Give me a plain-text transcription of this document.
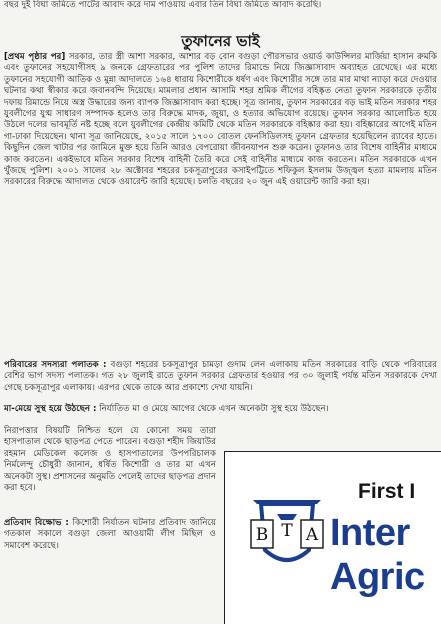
বছর দুই বিঘা জমিতে পাটের আবাদ করে দাম পাওয়ায় এবার তিন বিঘা জমিতে আবাদ করেছি।

তুফানের ভাই

[প্রথম পৃষ্ঠার পর] সরকার, তার স্ত্রী আশা সরকার, আশার বড় বোন বগুড়া পৌরসভার ওয়ার্ড কাউন্সিলর মার্জিয়া হাসান রুমকি এবং তুফানের সহযোগীসহ ৯ জনকে গ্রেফতারের পর পুলিশ তাদের রিমান্ডে নিয়ে জিজ্ঞাসাবাদ অব্যাহত রেখেছে। এর মধ্যে তুফানের সহযোগী আতিক ও মুন্না আদালতে ১৬৪ ধারায় কিশোরীকে ধর্ষণ এবং কিশোরীর সঙ্গে তার মার মাথা ন্যাড়া করে দেওয়ার ঘটনার কথা স্বীকার করে জবানবন্দি দিয়েছে। মামলার প্রধান আসামি শহর শ্রমিক লীগের বহিষ্কৃত নেতা তুফান সরকারকে তৃতীয় দফায় রিমান্ডে নিয়ে অস্ত্র উদ্ধারের জন্য ব্যাপক জিজ্ঞাসাবাদ করা হচ্ছে। সূত্র জানায়, তুফান সরকারের বড় ভাই মতিন সরকার শহর যুবলীগের যুগ্ম সাধারণ সম্পাদক হলেও তার বিরুদ্ধে মাদক, জুয়া, ও হত্যার অভিযোগ রয়েছে। তুফান সরকার আলোচিত হয়ে উঠলে দলের ভাবমূর্তি নষ্ট হচ্ছে বলে যুবলীগের কেন্দ্রীয় কমিটি থেকে মতিন সরকারকে বহিষ্কার করা হয়। বহিষ্কারের আগেই মতিন গা-ঢাকা দিয়েছেন। থানা সূত্র জানিয়েছে, ২০১৫ সালে ১৭০০ বোতল ফেনসিডিলসহ তুফান গ্রেফতার হয়েছিলেন র‌্যাবের হাতে। কিছুদিন জেল খাটার পর জামিনে মুক্ত হয়ে তিনি আরও বেপরোয়া জীবনযাপন শুরু করেন। তুফানও তার বিশেষ বাহিনীর মাধ্যমে কাজ করতেন। একইভাবে মতিন সরকার বিশেষ বাহিনী তৈরি করে সেই বাহিনীর মাধ্যমে কাজ করতেন। মতিন সরকারকে এখন খুঁজছে পুলিশ। ২০০১ সালের ২৮ অক্টোবর শহরের চকসূত্রাপুরের কসাইপট্টিতে শফিকুল ইসলাম উজ্জ্বল হত্যা মামলায় মতিন সরকারের বিরুদ্ধে আদালত থেকে ওয়ারেন্ট জারি হয়েছে। চলতি বছরের ২০ জুন এই ওয়ারেন্ট জারি করা হয়।

পরিবারের সদস্যরা পলাতক : বগুড়া শহরের চকসূত্রাপুর চামড়া গুদাম লেন এলাকায় মতিন সরকারের বাড়ি থেকে পরিবারের বেশির ভাগ সদস্য পলাতক। গত ২৮ জুলাই রাতে তুফান সরকার গ্রেফতার হওয়ার পর ৩০ জুলাই পর্যন্ত মতিন সরকারকে দেখা গেছে চকসূত্রাপুর এলাকায়। এরপর থেকে তাকে আর প্রকাশ্যে দেখা যায়নি।

মা-মেয়ে সুস্থ হয়ে উঠছেন : নির্যাতিত মা ও মেয়ে আগের থেকে এখন অনেকটা সুস্থ হয়ে উঠছেন।

নিরাপত্তার বিষয়টি নিশ্চিত হলে যে কোনো সময় তারা হাসপাতাল থেকে ছাড়পত্র পেতে পারেন। বগুড়া শহীদ জিয়াউর রহমান মেডিকেল কলেজ ও হাসপাতালের উপপরিচালক নির্মলেন্দু চৌধুরী জানান, ধর্ষিত কিশোরী ও তার মা এখন অনেকটা সুস্থ। প্রশাসনের অনুমতি পেলেই তাদের ছাড়পত্র প্রদান করা হবে।

প্রতিবাদ বিক্ষোভ : কিশোরী নির্যাতন ঘটনার প্রতিবাদ জানিয়ে গতকাল সকালে বগুড়া জেলা আওয়ামী লীগ মিছিল ও সমাবেশ করেছে।

B T A
First I
Inter
Agric
